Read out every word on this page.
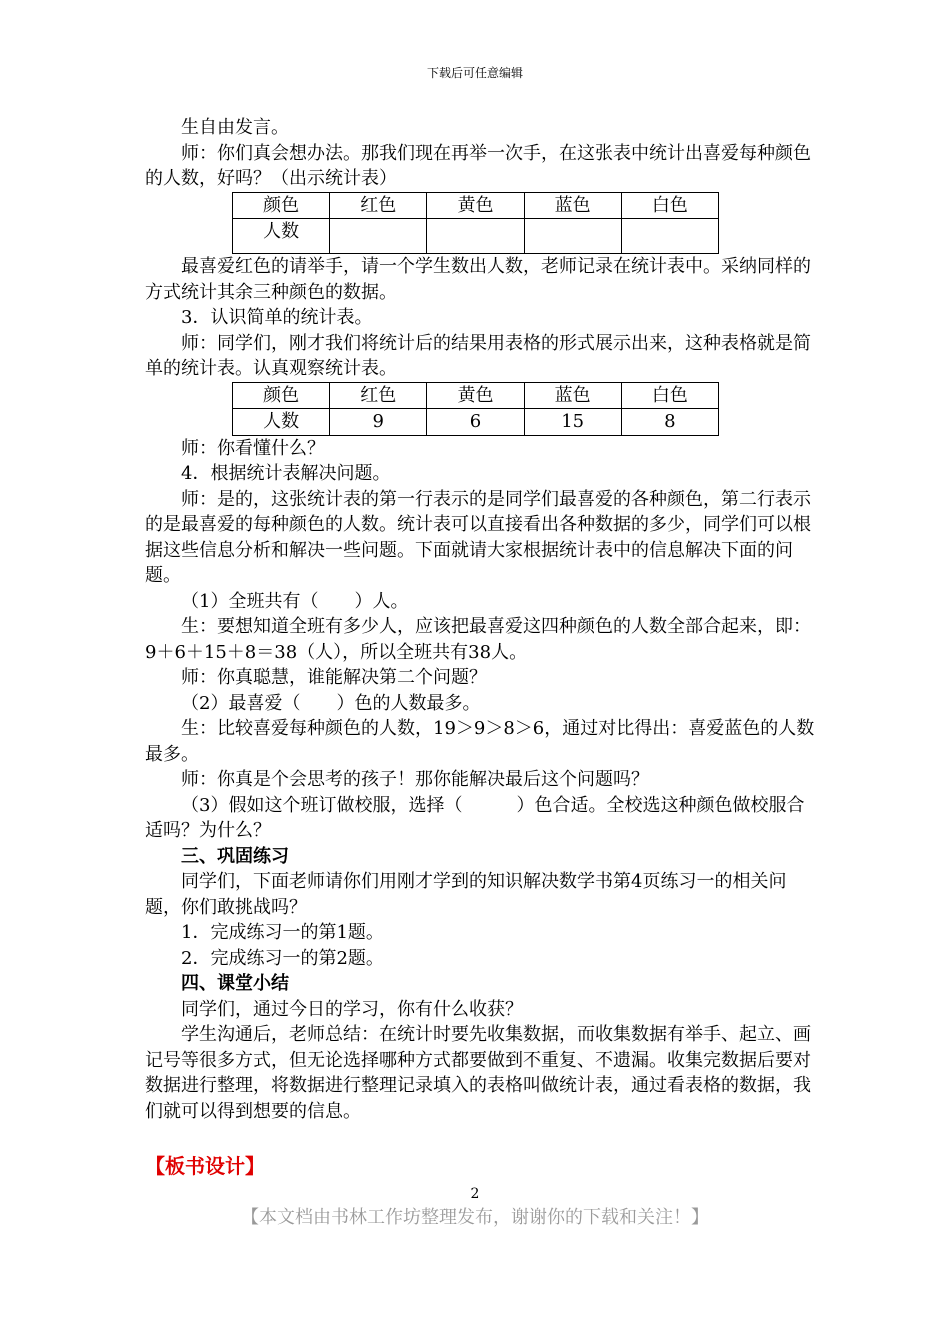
下载后可任意编辑

生自由发言。

师：你们真会想办法。那我们现在再举一次手，在这张表中统计出喜爱每种颜色的人数，好吗？（出示统计表）

颜色	红色	黄色	蓝色	白色
人数				

最喜爱红色的请举手，请一个学生数出人数，老师记录在统计表中。采纳同样的方式统计其余三种颜色的数据。

3．认识简单的统计表。

师：同学们，刚才我们将统计后的结果用表格的形式展示出来，这种表格就是简单的统计表。认真观察统计表。

颜色	红色	黄色	蓝色	白色
人数	9	6	15	8

师：你看懂什么？

4．根据统计表解决问题。

师：是的，这张统计表的第一行表示的是同学们最喜爱的各种颜色，第二行表示的是最喜爱的每种颜色的人数。统计表可以直接看出各种数据的多少，同学们可以根据这些信息分析和解决一些问题。下面就请大家根据统计表中的信息解决下面的问题。

（1）全班共有（　　）人。

生：要想知道全班有多少人，应该把最喜爱这四种颜色的人数全部合起来，即：9＋6＋15＋8＝38（人），所以全班共有38人。

师：你真聪慧，谁能解决第二个问题？

（2）最喜爱（　　）色的人数最多。

生：比较喜爱每种颜色的人数，19＞9＞8＞6，通过对比得出：喜爱蓝色的人数最多。

师：你真是个会思考的孩子！那你能解决最后这个问题吗？

（3）假如这个班订做校服，选择（　　　）色合适。全校选这种颜色做校服合适吗？为什么？

三、巩固练习

同学们，下面老师请你们用刚才学到的知识解决数学书第4页练习一的相关问题，你们敢挑战吗？

1．完成练习一的第1题。

2．完成练习一的第2题。

四、课堂小结

同学们，通过今日的学习，你有什么收获？

学生沟通后，老师总结：在统计时要先收集数据，而收集数据有举手、起立、画记号等很多方式，但无论选择哪种方式都要做到不重复、不遗漏。收集完数据后要对数据进行整理，将数据进行整理记录填入的表格叫做统计表，通过看表格的数据，我们就可以得到想要的信息。

【板书设计】
2
【本文档由书林工作坊整理发布，谢谢你的下载和关注！】
